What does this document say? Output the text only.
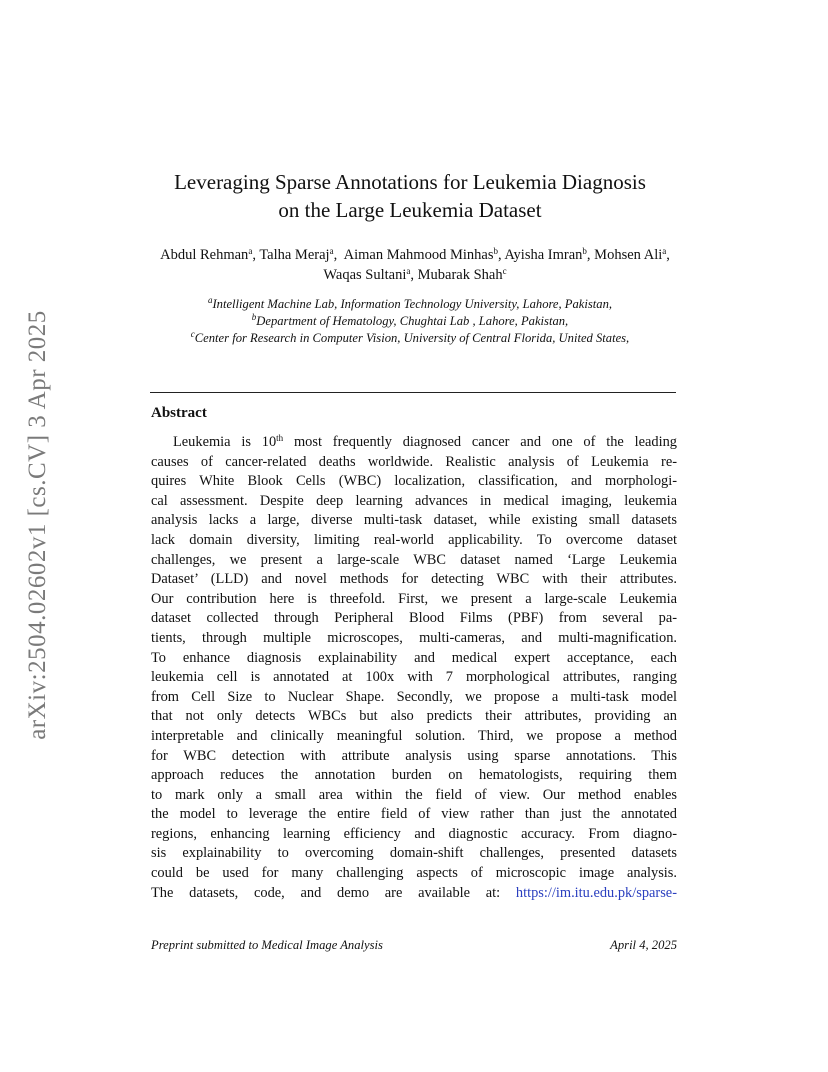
arXiv:2504.02602v1 [cs.CV] 3 Apr 2025
Leveraging Sparse Annotations for Leukemia Diagnosis
on the Large Leukemia Dataset
Abdul Rehman$^a$, Talha Meraj$^a$,  Aiman Mahmood Minhas$^b$, Ayisha Imran$^b$, Mohsen Ali$^a$, Waqas Sultani$^a$, Mubarak Shah$^c$
$^a$Intelligent Machine Lab, Information Technology University, Lahore, Pakistan,
$^b$Department of Hematology, Chughtai Lab , Lahore, Pakistan,
$^c$Center for Research in Computer Vision, University of Central Florida, United States,
Abstract
Leukemia is 10th most frequently diagnosed cancer and one of the leading
causes of cancer-related deaths worldwide. Realistic analysis of Leukemia re-
quires White Blook Cells (WBC) localization, classification, and morphologi-
cal assessment. Despite deep learning advances in medical imaging, leukemia
analysis lacks a large, diverse multi-task dataset, while existing small datasets
lack domain diversity, limiting real-world applicability. To overcome dataset
challenges, we present a large-scale WBC dataset named ‘Large Leukemia
Dataset’ (LLD) and novel methods for detecting WBC with their attributes.
Our contribution here is threefold. First, we present a large-scale Leukemia
dataset collected through Peripheral Blood Films (PBF) from several pa-
tients, through multiple microscopes, multi-cameras, and multi-magnification.
To enhance diagnosis explainability and medical expert acceptance, each
leukemia cell is annotated at 100x with 7 morphological attributes, ranging
from Cell Size to Nuclear Shape. Secondly, we propose a multi-task model
that not only detects WBCs but also predicts their attributes, providing an
interpretable and clinically meaningful solution. Third, we propose a method
for WBC detection with attribute analysis using sparse annotations. This
approach reduces the annotation burden on hematologists, requiring them
to mark only a small area within the field of view. Our method enables
the model to leverage the entire field of view rather than just the annotated
regions, enhancing learning efficiency and diagnostic accuracy. From diagno-
sis explainability to overcoming domain-shift challenges, presented datasets
could be used for many challenging aspects of microscopic image analysis.
The datasets, code, and demo are available at: https://im.itu.edu.pk/sparse-
Preprint submitted to Medical Image Analysis	April 4, 2025
